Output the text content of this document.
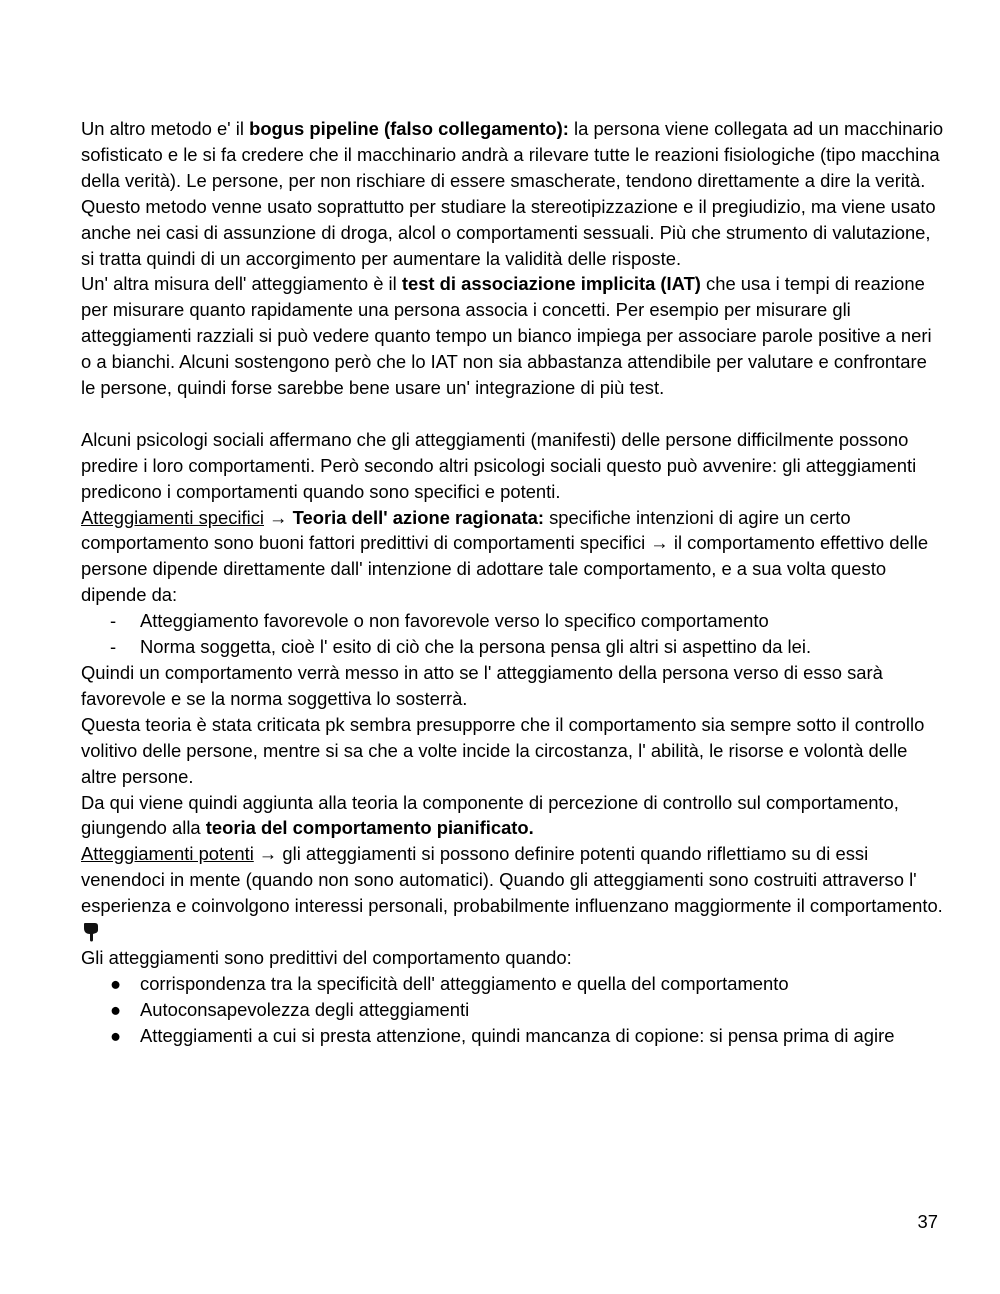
Un altro metodo e' il bogus pipeline (falso collegamento): la persona viene collegata ad un macchinario sofisticato e le si fa credere che il macchinario andrà a rilevare tutte le reazioni fisiologiche (tipo macchina della verità). Le persone, per non rischiare di essere smascherate, tendono direttamente a dire la verità. Questo metodo venne usato soprattutto per studiare la stereotipizzazione e il pregiudizio, ma viene usato anche nei casi di assunzione di droga, alcol o comportamenti sessuali. Più che strumento di valutazione, si tratta quindi di un accorgimento per aumentare la validità delle risposte.

Un' altra misura dell' atteggiamento è il test di associazione implicita (IAT) che usa i tempi di reazione per misurare quanto rapidamente una persona associa i concetti. Per esempio per misurare gli atteggiamenti razziali si può vedere quanto tempo un bianco impiega per associare parole positive a neri o a bianchi. Alcuni sostengono però che lo IAT non sia abbastanza attendibile per valutare e confrontare le persone, quindi forse sarebbe bene usare un' integrazione di più test.

Alcuni psicologi sociali affermano che gli atteggiamenti (manifesti) delle persone difficilmente possono predire i loro comportamenti. Però secondo altri psicologi sociali questo può avvenire: gli atteggiamenti predicono i comportamenti quando sono specifici e potenti.

Atteggiamenti specifici → Teoria dell' azione ragionata: specifiche intenzioni di agire un certo comportamento sono buoni fattori predittivi di comportamenti specifici → il comportamento effettivo delle persone dipende direttamente dall' intenzione di adottare tale comportamento, e a sua volta questo dipende da:

- Atteggiamento favorevole o non favorevole verso lo specifico comportamento
- Norma soggetta, cioè l' esito di ciò che la persona pensa gli altri si aspettino da lei.

Quindi un comportamento verrà messo in atto se l' atteggiamento della persona verso di esso sarà favorevole e se la norma soggettiva lo sosterrà.

Questa teoria è stata criticata pk sembra presupporre che il comportamento sia sempre sotto il controllo volitivo delle persone, mentre si sa che a volte incide la circostanza, l' abilità, le risorse e volontà delle altre persone.

Da qui viene quindi aggiunta alla teoria la componente di percezione di controllo sul comportamento, giungendo alla teoria del comportamento pianificato.

Atteggiamenti potenti → gli atteggiamenti si possono definire potenti quando riflettiamo su di essi venendoci in mente (quando non sono automatici). Quando gli atteggiamenti sono costruiti attraverso l' esperienza e coinvolgono interessi personali, probabilmente influenzano maggiormente il comportamento.

Gli atteggiamenti sono predittivi del comportamento quando:

● corrispondenza tra la specificità dell' atteggiamento e quella del comportamento
● Autoconsapevolezza degli atteggiamenti
● Atteggiamenti a cui si presta attenzione, quindi mancanza di copione: si pensa prima di agire
37
